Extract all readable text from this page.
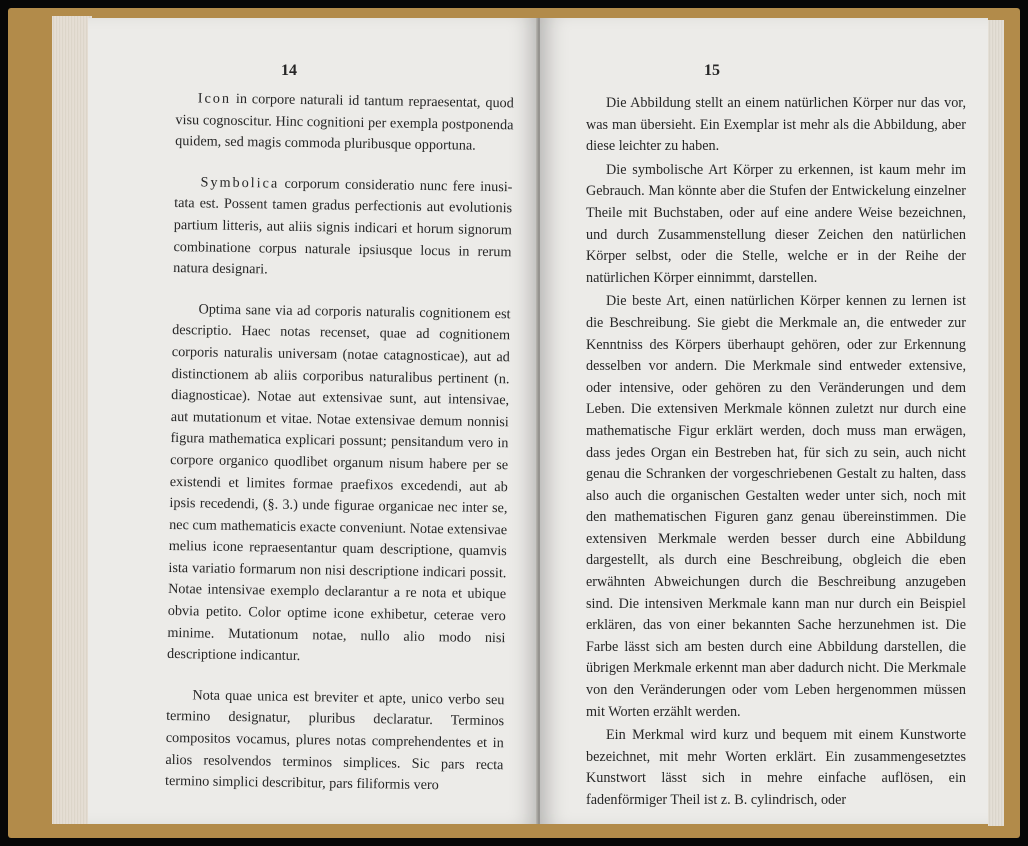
14

Icon in corpore naturali id tantum repraesentat, quod visu cognoscitur. Hinc cognitioni per exempla postponenda quidem, sed magis commoda pluribusque opportuna.

Symbolica corporum consideratio nunc fere inusitata est. Possent tamen gradus perfectionis aut evolutionis partium litteris, aut aliis signis indicari et horum signorum combinatione corpus naturale ipsiusque locus in rerum natura designari.

Optima sane via ad corporis naturalis cognitionem est descriptio. Haec notas recenset, quae ad cognitionem corporis naturalis universam (notae catagnosticae), aut ad distinctionem ab aliis corporibus naturalibus pertinent (n. diagnosticae). Notae aut extensivae sunt, aut intensivae, aut mutationum et vitae. Notae extensivae demum nonnisi figura mathematica explicari possunt; pensitandum vero in corpore organico quodlibet organum nisum habere per se existendi et limites formae praefixos excedendi, aut ab ipsis recedendi, (§. 3.) unde figurae organicae nec inter se, nec cum mathematicis exacte conveniunt. Notae extensivae melius icone repraesentantur quam descriptione, quamvis ista variatio formarum non nisi descriptione indicari possit. Notae intensivae exemplo declarantur a re nota et ubique obvia petito. Color optime icone exhibetur, ceterae vero minime. Mutationum notae, nullo alio modo nisi descriptione indicantur.

Nota quae unica est breviter et apte, unico verbo seu termino designatur, pluribus declaratur. Terminos compositos vocamus, plures notas comprehendentes et in alios resolvendos terminos simplices. Sic pars recta termino simplici describitur, pars filiformis vero

15

Die Abbildung stellt an einem natürlichen Körper nur das vor, was man übersieht. Ein Exemplar ist mehr als die Abbildung, aber diese leichter zu haben.

Die symbolische Art Körper zu erkennen, ist kaum mehr im Gebrauch. Man könnte aber die Stufen der Entwickelung einzelner Theile mit Buchstaben, oder auf eine andere Weise bezeichnen, und durch Zusammenstellung dieser Zeichen den natürlichen Körper selbst, oder die Stelle, welche er in der Reihe der natürlichen Körper einnimmt, darstellen.

Die beste Art, einen natürlichen Körper kennen zu lernen ist die Beschreibung. Sie giebt die Merkmale an, die entweder zur Kenntniss des Körpers überhaupt gehören, oder zur Erkennung desselben vor andern. Die Merkmale sind entweder extensive, oder intensive, oder gehören zu den Veränderungen und dem Leben. Die extensiven Merkmale können zuletzt nur durch eine mathematische Figur erklärt werden, doch muss man erwägen, dass jedes Organ ein Bestreben hat, für sich zu sein, auch nicht genau die Schranken der vorgeschriebenen Gestalt zu halten, dass also auch die organischen Gestalten weder unter sich, noch mit den mathematischen Figuren ganz genau übereinstimmen. Die extensiven Merkmale werden besser durch eine Abbildung dargestellt, als durch eine Beschreibung, obgleich die eben erwähnten Abweichungen durch die Beschreibung anzugeben sind. Die intensiven Merkmale kann man nur durch ein Beispiel erklären, das von einer bekannten Sache herzunehmen ist. Die Farbe lässt sich am besten durch eine Abbildung darstellen, die übrigen Merkmale erkennt man aber dadurch nicht. Die Merkmale von den Veränderungen oder vom Leben hergenommen müssen mit Worten erzählt werden.

Ein Merkmal wird kurz und bequem mit einem Kunstworte bezeichnet, mit mehr Worten erklärt. Ein zusammengesetztes Kunstwort lässt sich in mehre einfache auflösen, ein fadenförmiger Theil ist z. B. cylindrisch, oder
